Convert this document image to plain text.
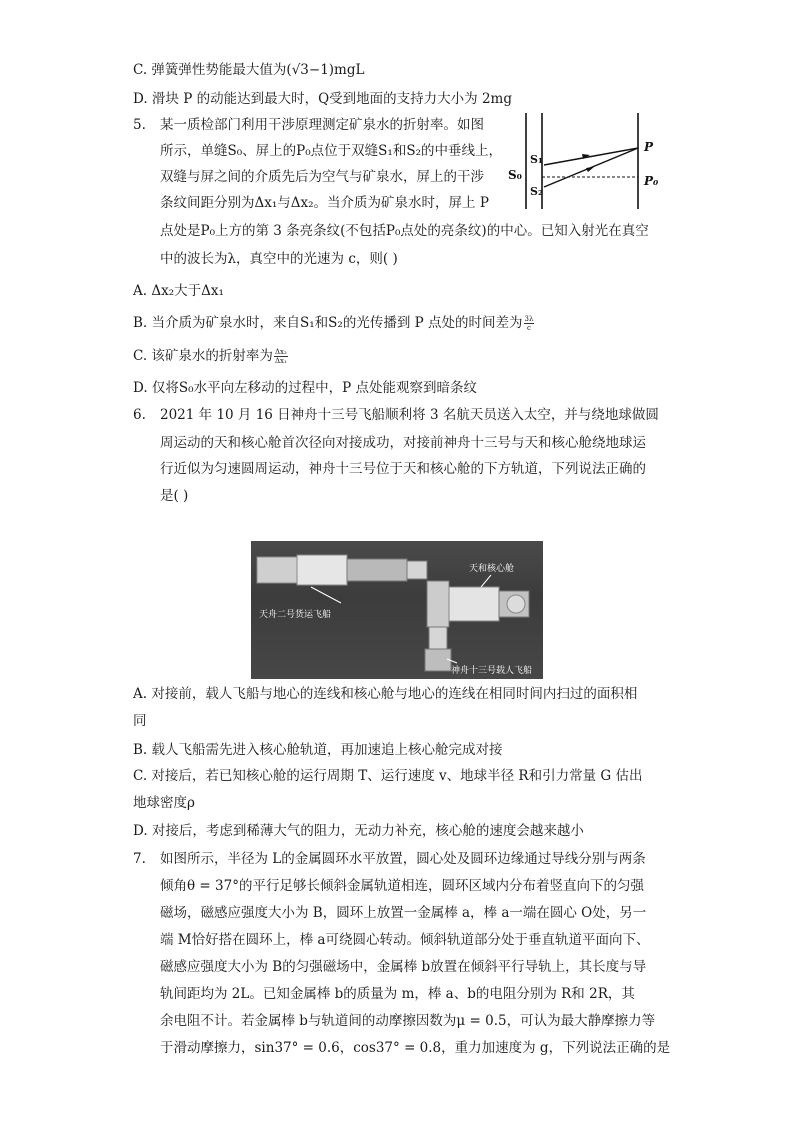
C. 弹簧弹性势能最大值为(√3−1)mgL
D. 滑块 P 的动能达到最大时，Q受到地面的支持力大小为 2mg
5. 某一质检部门利用干涉原理测定矿泉水的折射率。如图
所示，单缝S₀、屏上的P₀点位于双缝S₁和S₂的中垂线上，
双缝与屏之间的介质先后为空气与矿泉水，屏上的干涉
条纹间距分别为Δx₁与Δx₂。当介质为矿泉水时，屏上 P
点处是P₀上方的第 3 条亮条纹(不包括P₀点处的亮条纹)的中心。已知入射光在真空
中的波长为λ，真空中的光速为 c，则( )
S₀
S₁
S₂
P
P₀
A. Δx₂大于Δx₁
B. 当介质为矿泉水时，来自S₁和S₂的光传播到 P 点处的时间差为 $\frac{3\lambda}{c}$
C. 该矿泉水的折射率为 $\frac{\text{Δx₂}}{\text{Δx₁}}$
D. 仅将S₀水平向左移动的过程中，P 点处能观察到暗条纹
6. 2021 年 10 月 16 日神舟十三号飞船顺利将 3 名航天员送入太空，并与绕地球做圆
周运动的天和核心舱首次径向对接成功，对接前神舟十三号与天和核心舱绕地球运
行近似为匀速圆周运动，神舟十三号位于天和核心舱的下方轨道，下列说法正确的
是( )
天舟二号货运飞船
天和核心舱
神舟十三号载人飞船
A. 对接前，载人飞船与地心的连线和核心舱与地心的连线在相同时间内扫过的面积相
同
B. 载人飞船需先进入核心舱轨道，再加速追上核心舱完成对接
C. 对接后，若已知核心舱的运行周期 T、运行速度 v、地球半径 R和引力常量 G 估出
地球密度ρ
D. 对接后，考虑到稀薄大气的阻力，无动力补充，核心舱的速度会越来越小
7. 如图所示，半径为 L的金属圆环水平放置，圆心处及圆环边缘通过导线分别与两条
倾角θ = 37°的平行足够长倾斜金属轨道相连，圆环区域内分布着竖直向下的匀强
磁场，磁感应强度大小为 B，圆环上放置一金属棒 a，棒 a一端在圆心 O处，另一
端 M恰好搭在圆环上，棒 a可绕圆心转动。倾斜轨道部分处于垂直轨道平面向下、
磁感应强度大小为 B的匀强磁场中，金属棒 b放置在倾斜平行导轨上，其长度与导
轨间距均为 2L。已知金属棒 b的质量为 m，棒 a、b的电阻分别为 R和 2R，其
余电阻不计。若金属棒 b与轨道间的动摩擦因数为μ = 0.5，可认为最大静摩擦力等
于滑动摩擦力，sin37° = 0.6，cos37° = 0.8，重力加速度为 g，下列说法正确的是
